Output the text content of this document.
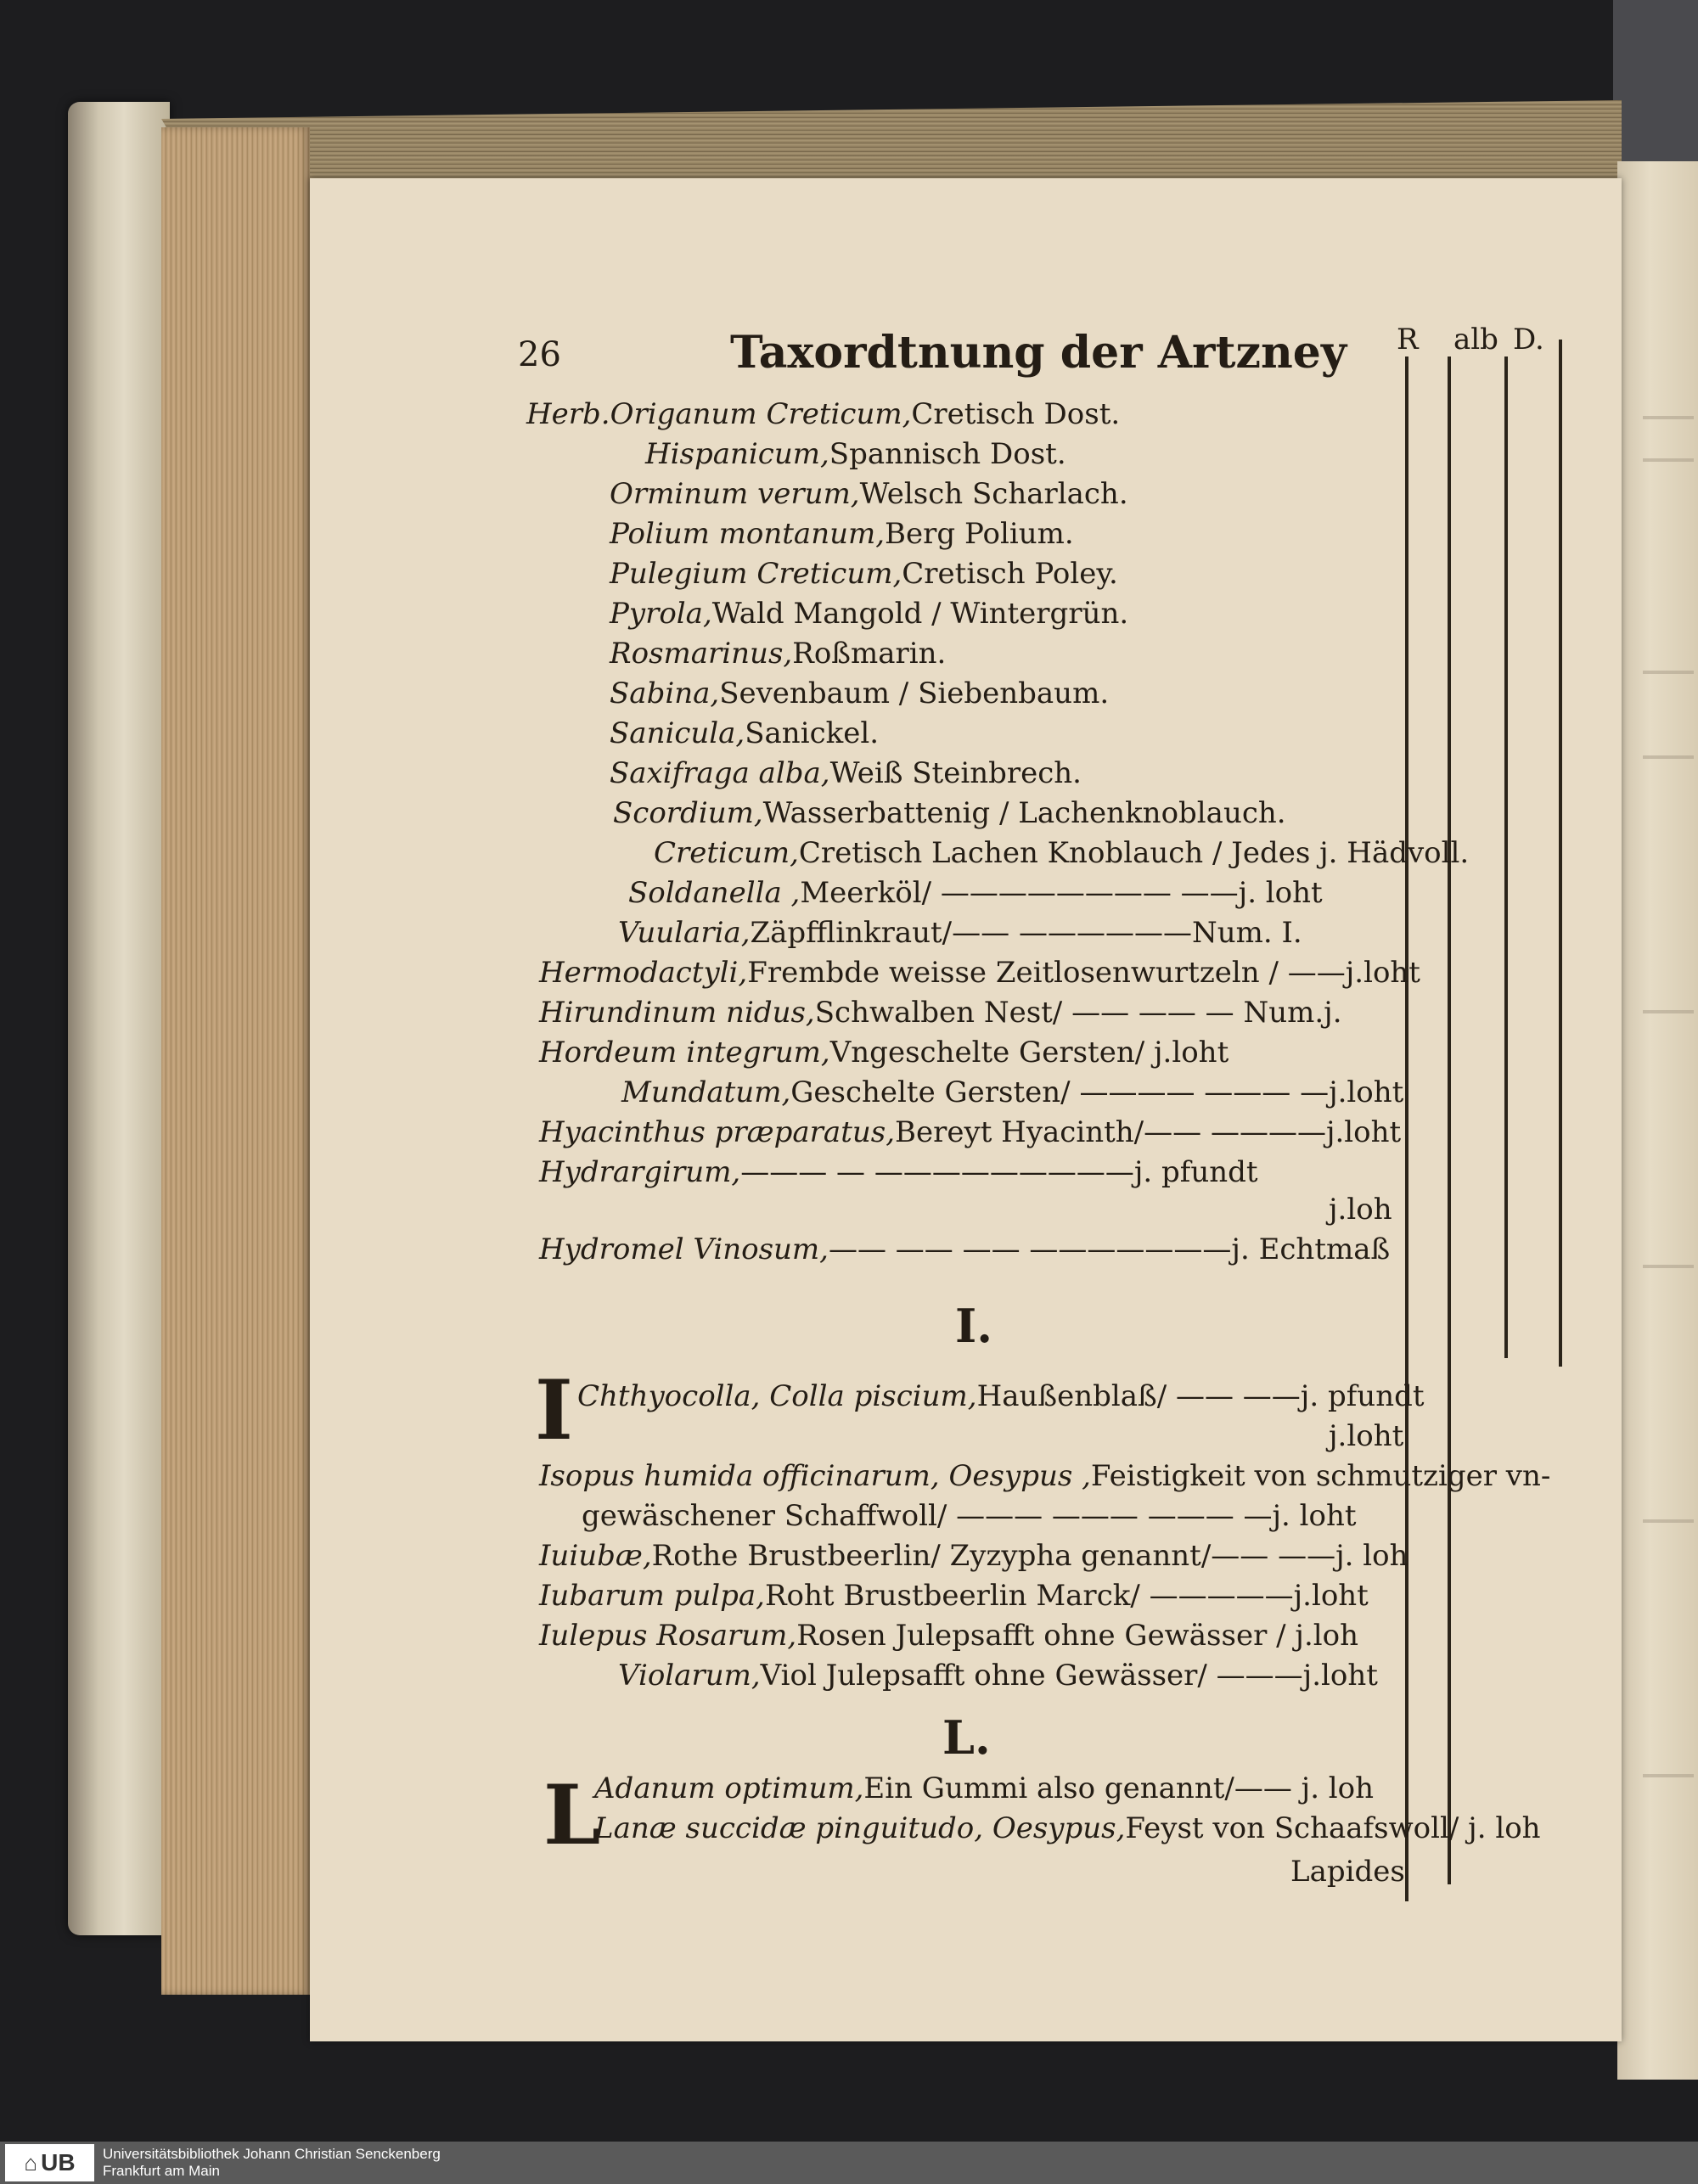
26	Taxordtnung der Artzney R alb D.
Herb.Origanum Creticum,Cretisch Dost.
Hispanicum,Spannisch Dost.
Orminum verum,Welsch Scharlach.
Polium montanum,Berg Polium.
Pulegium Creticum,Cretisch Poley.
Pyrola,Wald Mangold / Wintergrün.
Rosmarinus,Roßmarin.
Sabina,Sevenbaum / Siebenbaum.
Sanicula,Sanickel.
Saxifraga alba,Weiß Steinbrech.
Scordium,Wasserbattenig / Lachenknoblauch.
Creticum,Cretisch Lachen Knoblauch / Jedes j. Hädvoll.
Soldanella ,Meerköl/ ———————— ——j. loht
Vuularia,Zäpfflinkraut/—— ——————Num. I.
Hermodactyli,Frembde weisse Zeitlosenwurtzeln / ——j.loht
Hirundinum nidus,Schwalben Nest/ —— —— — Num.j.
Hordeum integrum,Vngeschelte Gersten/ j.loht
Mundatum,Geschelte Gersten/ ———— ——— —j.loht
Hyacinthus præparatus,Bereyt Hyacinth/—— ————j.loht
Hydrargirum,——— — —————————j. pfundt
j.loh
Hydromel Vinosum,—— —— —— ———————j. Echtmaß
I.
I Chthyocolla, Colla piscium,Haußenblaß/ —— ——j. pfundt
j.loht
Isopus humida officinarum, Oesypus ,Feistigkeit von schmutziger vn-
gewäschener Schaffwoll/ ——— ——— ——— —j. loht
Iuiubæ,Rothe Brustbeerlin/ Zyzypha genannt/—— ——j. loh
Iubarum pulpa,Roht Brustbeerlin Marck/ —————j.loht
Iulepus Rosarum,Rosen Julepsafft ohne Gewässer / j.loh
Violarum,Viol Julepsafft ohne Gewässer/ ———j.loht
L.
L
Adanum optimum,Ein Gummi also genannt/—— j. loh
Lanæ succidæ pinguitudo, Oesypus,Feyst von Schaafswoll/ j. loh
Lapides
⌂ UB Universitätsbibliothek Johann Christian Senckenberg
Frankfurt am Main
